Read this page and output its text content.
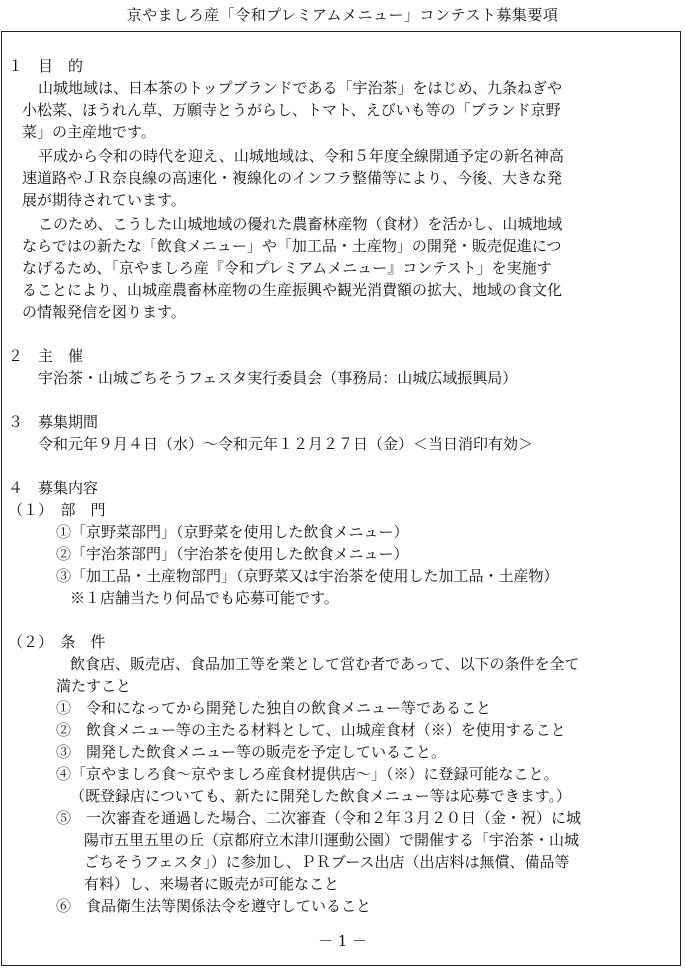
京やましろ産「令和プレミアムメニュー」コンテスト募集要項
１　目　的
山城地域は、日本茶のトップブランドである「宇治茶」をはじめ、九条ねぎや
小松菜、ほうれん草、万願寺とうがらし、トマト、えびいも等の「ブランド京野
菜」の主産地です。
平成から令和の時代を迎え、山城地域は、令和５年度全線開通予定の新名神高
速道路やＪＲ奈良線の高速化・複線化のインフラ整備等により、今後、大きな発
展が期待されています。
このため、こうした山城地域の優れた農畜林産物（食材）を活かし、山城地域
ならではの新たな「飲食メニュー」や「加工品・土産物」の開発・販売促進につ
なげるため、「京やましろ産『令和プレミアムメニュー』コンテスト」を実施す
ることにより、山城産農畜林産物の生産振興や観光消費額の拡大、地域の食文化
の情報発信を図ります。
２　主　催
宇治茶・山城ごちそうフェスタ実行委員会（事務局：山城広域振興局）
３　募集期間
令和元年９月４日（水）～令和元年１２月２７日（金）＜当日消印有効＞
４　募集内容
（１）　部　門
①「京野菜部門」（京野菜を使用した飲食メニュー）
②「宇治茶部門」（宇治茶を使用した飲食メニュー）
③「加工品・土産物部門」（京野菜又は宇治茶を使用した加工品・土産物）
※１店舗当たり何品でも応募可能です。
（２）　条　件
飲食店、販売店、食品加工等を業として営む者であって、以下の条件を全て
満たすこと
①　令和になってから開発した独自の飲食メニュー等であること
②　飲食メニュー等の主たる材料として、山城産食材（※）を使用すること
③　開発した飲食メニュー等の販売を予定していること。
④「京やましろ食～京やましろ産食材提供店～」（※）に登録可能なこと。
（既登録店についても、新たに開発した飲食メニュー等は応募できます。）
⑤　一次審査を通過した場合、二次審査（令和２年３月２０日（金・祝）に城
陽市五里五里の丘（京都府立木津川運動公園）で開催する「宇治茶・山城
ごちそうフェスタ」）に参加し、ＰＲブース出店（出店料は無償、備品等
有料）し、来場者に販売が可能なこと
⑥　食品衛生法等関係法令を遵守していること
－ 1 －
